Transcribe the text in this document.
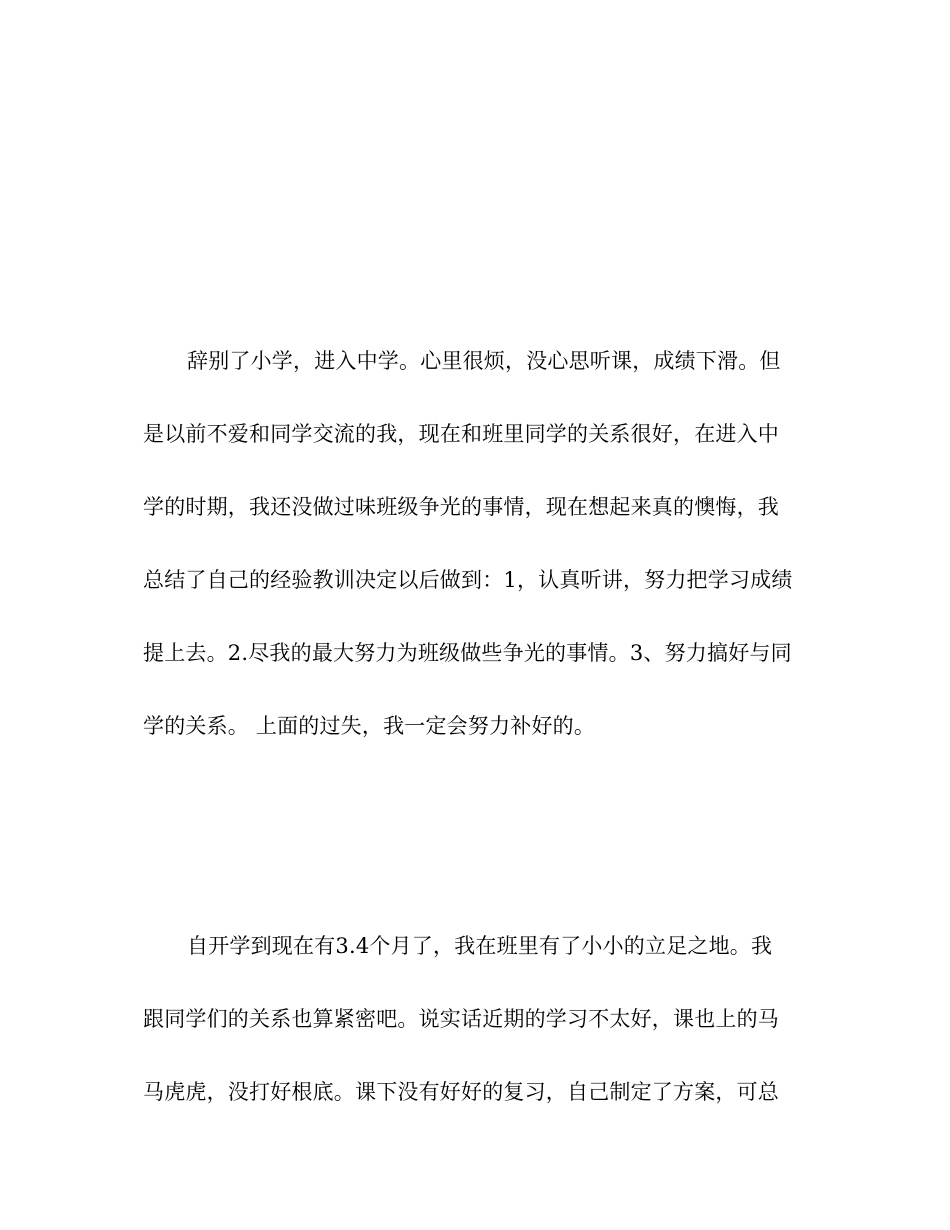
辞别了小学，进入中学。心里很烦，没心思听课，成绩下滑。但
是以前不爱和同学交流的我，现在和班里同学的关系很好，在进入中
学的时期，我还没做过味班级争光的事情，现在想起来真的懊悔，我
总结了自己的经验教训决定以后做到：1，认真听讲，努力把学习成绩
提上去。2.尽我的最大努力为班级做些争光的事情。3、努力搞好与同
学的关系。 上面的过失，我一定会努力补好的。
自开学到现在有3.4个月了，我在班里有了小小的立足之地。我
跟同学们的关系也算紧密吧。说实话近期的学习不太好，课也上的马
马虎虎，没打好根底。课下没有好好的复习，自己制定了方案，可总
